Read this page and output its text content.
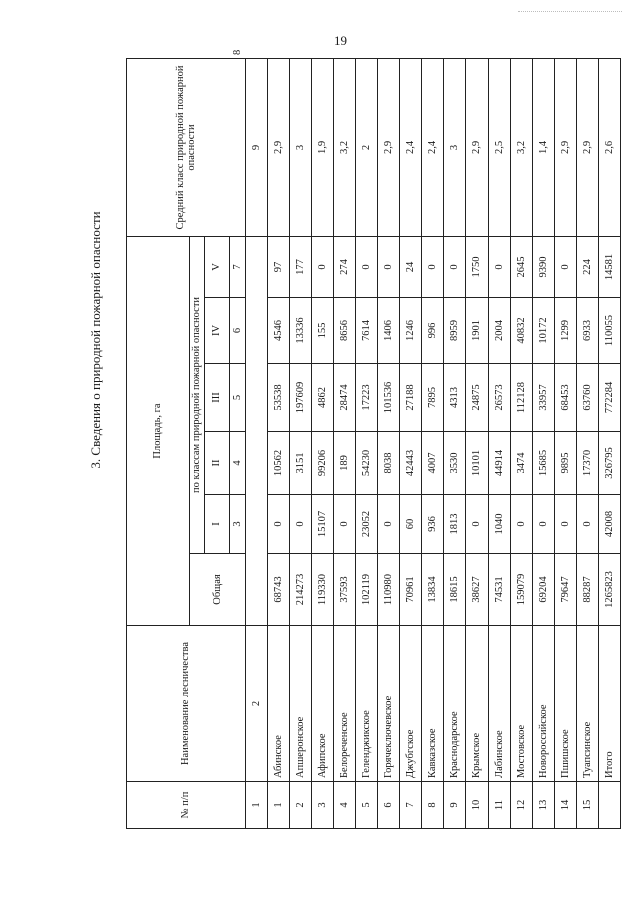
19
3. Сведения о природной пожарной опасности
№ п/п	Наименование лесничества	Площадь, га						Средний класс природной пожарной опасности	
		Общая	по классам природной пожарной опасности						
			I	II	III	IV	V		
			3	4	5	6	7		8
1	2							9	
1	Абинское	68743	0	10562	53538	4546	97	2,9	
2	Апшеронское	214273	0	3151	197609	13336	177	3	
3	Афипское	119330	15107	99206	4862	155	0	1,9	
4	Белореченское	37593	0	189	28474	8656	274	3,2	
5	Геленджикское	102119	23052	54230	17223	7614	0	2	
6	Горячеключевское	110980	0	8038	101536	1406	0	2,9	
7	Джубгское	70961	60	42443	27188	1246	24	2,4	
8	Кавказское	13834	936	4007	7895	996	0	2,4	
9	Краснодарское	18615	1813	3530	4313	8959	0	3	
10	Крымское	38627	0	10101	24875	1901	1750	2,9	
11	Лабинское	74531	1040	44914	26573	2004	0	2,5	
12	Мостовское	159079	0	3474	112128	40832	2645	3,2	
13	Новороссийское	69204	0	15685	33957	10172	9390	1,4	
14	Пшишское	79647	0	9895	68453	1299	0	2,9	
15	Туапсинское	88287	0	17370	63760	6933	224	2,9	
	Итого	1265823	42008	326795	772284	110055	14581	2,6	
